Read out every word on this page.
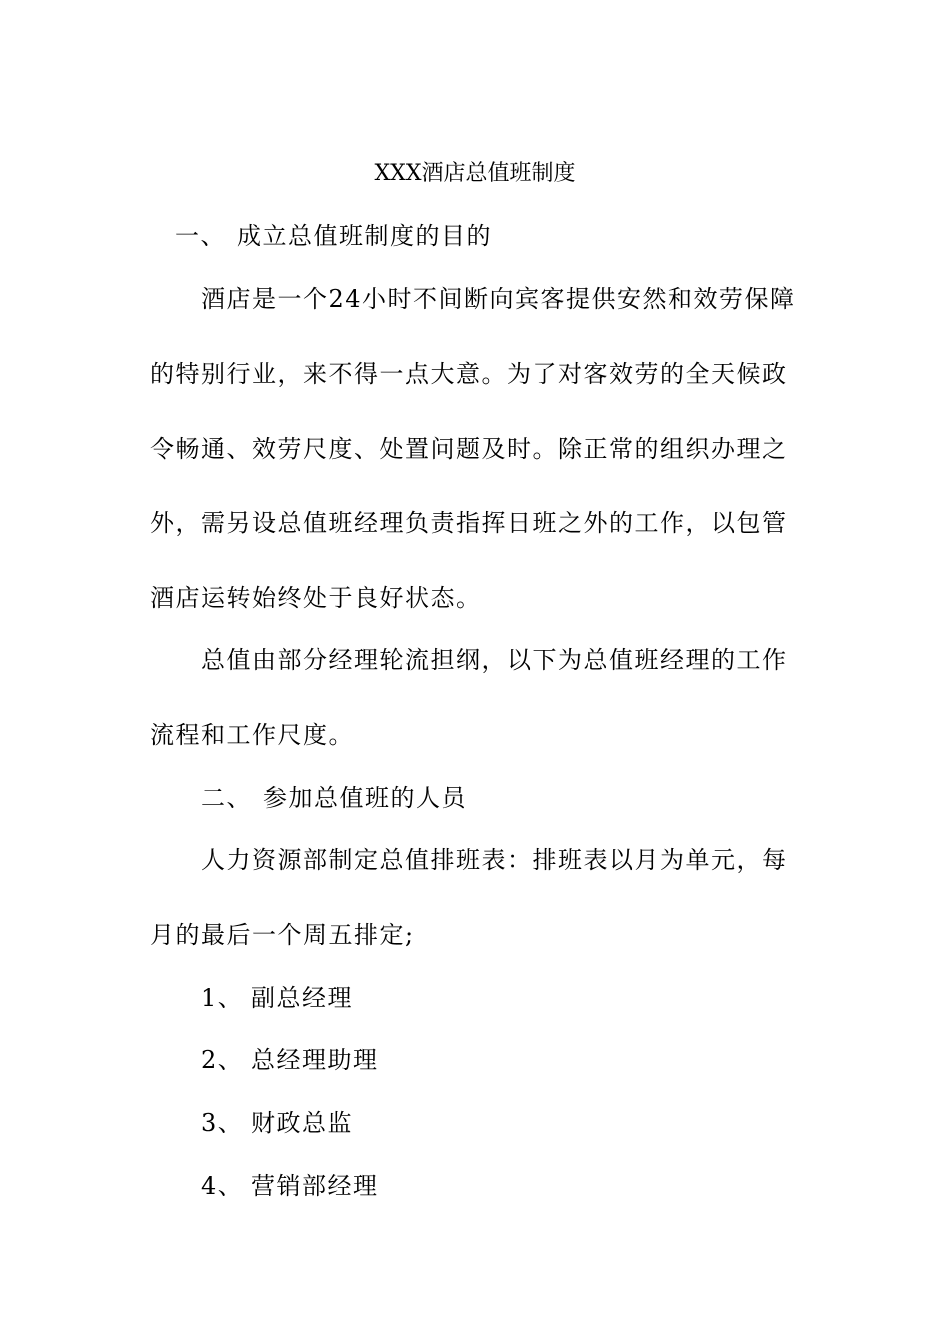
XXX酒店总值班制度
一、 成立总值班制度的目的
酒店是一个24小时不间断向宾客提供安然和效劳保障
的特别行业，来不得一点大意。为了对客效劳的全天候政
令畅通、效劳尺度、处置问题及时。除正常的组织办理之
外，需另设总值班经理负责指挥日班之外的工作，以包管
酒店运转始终处于良好状态。
总值由部分经理轮流担纲，以下为总值班经理的工作
流程和工作尺度。
二、 参加总值班的人员
人力资源部制定总值排班表：排班表以月为单元，每
月的最后一个周五排定;
1、 副总经理
2、 总经理助理
3、 财政总监
4、 营销部经理
